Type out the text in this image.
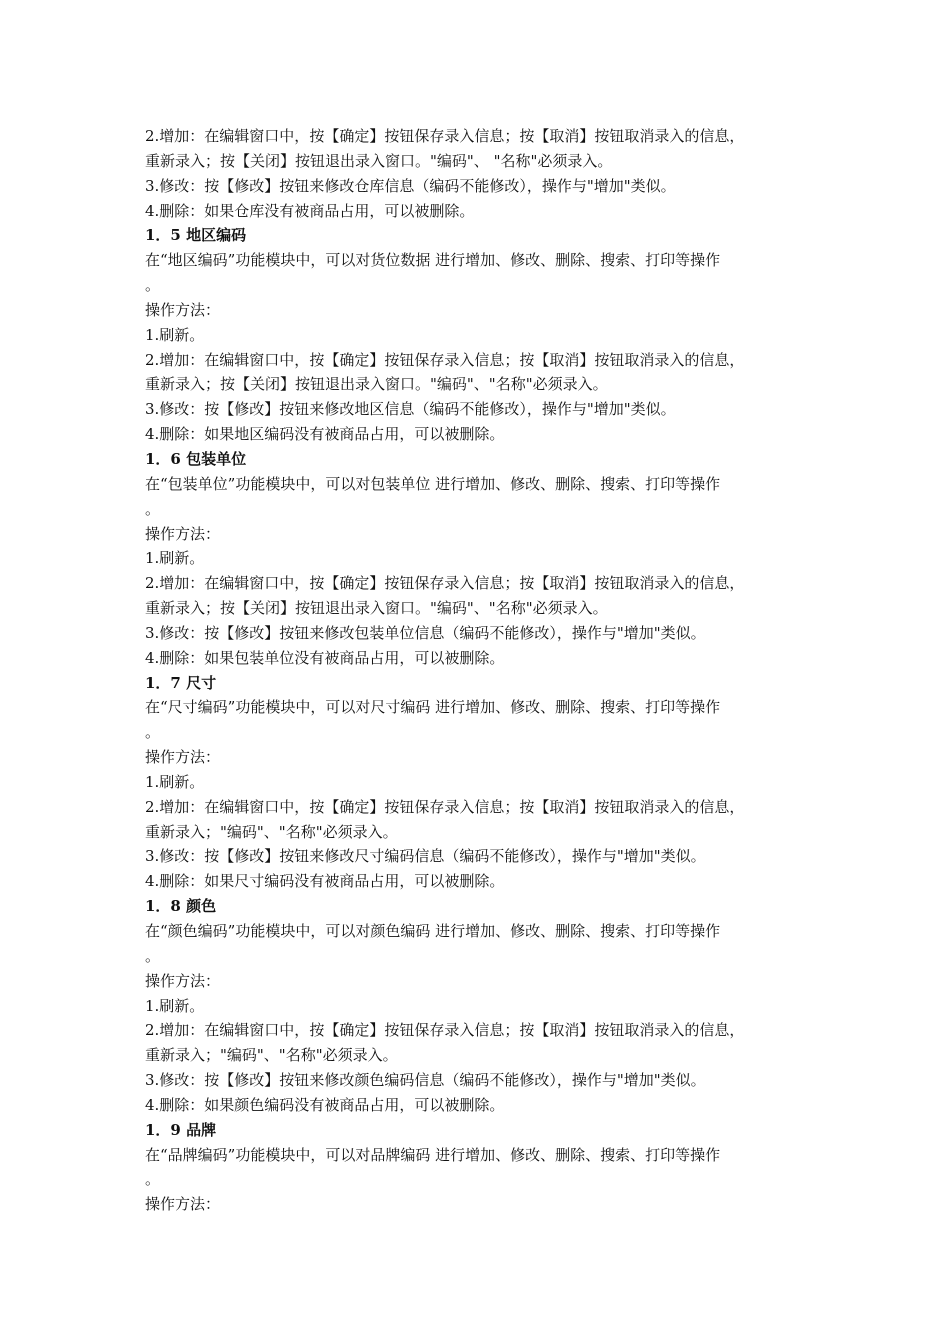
2.增加：在编辑窗口中，按【确定】按钮保存录入信息；按【取消】按钮取消录入的信息，
重新录入；按【关闭】按钮退出录入窗口。"编码"、 "名称"必须录入。
3.修改：按【修改】按钮来修改仓库信息（编码不能修改），操作与"增加"类似。
4.删除：如果仓库没有被商品占用，可以被删除。
1．5 地区编码
在“地区编码”功能模块中，可以对货位数据 进行增加、修改、删除、搜索、打印等操作
。
操作方法：
1.刷新。
2.增加：在编辑窗口中，按【确定】按钮保存录入信息；按【取消】按钮取消录入的信息，
重新录入；按【关闭】按钮退出录入窗口。"编码"、"名称"必须录入。
3.修改：按【修改】按钮来修改地区信息（编码不能修改），操作与"增加"类似。
4.删除：如果地区编码没有被商品占用，可以被删除。
1．6 包装单位
在“包装单位”功能模块中，可以对包装单位 进行增加、修改、删除、搜索、打印等操作
。
操作方法：
1.刷新。
2.增加：在编辑窗口中，按【确定】按钮保存录入信息；按【取消】按钮取消录入的信息，
重新录入；按【关闭】按钮退出录入窗口。"编码"、"名称"必须录入。
3.修改：按【修改】按钮来修改包装单位信息（编码不能修改），操作与"增加"类似。
4.删除：如果包装单位没有被商品占用，可以被删除。
1．7 尺寸
在“尺寸编码”功能模块中，可以对尺寸编码 进行增加、修改、删除、搜索、打印等操作
。
操作方法：
1.刷新。
2.增加：在编辑窗口中，按【确定】按钮保存录入信息；按【取消】按钮取消录入的信息，
重新录入；"编码"、"名称"必须录入。
3.修改：按【修改】按钮来修改尺寸编码信息（编码不能修改），操作与"增加"类似。
4.删除：如果尺寸编码没有被商品占用，可以被删除。
1．8 颜色
在“颜色编码”功能模块中，可以对颜色编码 进行增加、修改、删除、搜索、打印等操作
。
操作方法：
1.刷新。
2.增加：在编辑窗口中，按【确定】按钮保存录入信息；按【取消】按钮取消录入的信息，
重新录入；"编码"、"名称"必须录入。
3.修改：按【修改】按钮来修改颜色编码信息（编码不能修改），操作与"增加"类似。
4.删除：如果颜色编码没有被商品占用，可以被删除。
1．9 品牌
在“品牌编码”功能模块中，可以对品牌编码 进行增加、修改、删除、搜索、打印等操作
。
操作方法：
